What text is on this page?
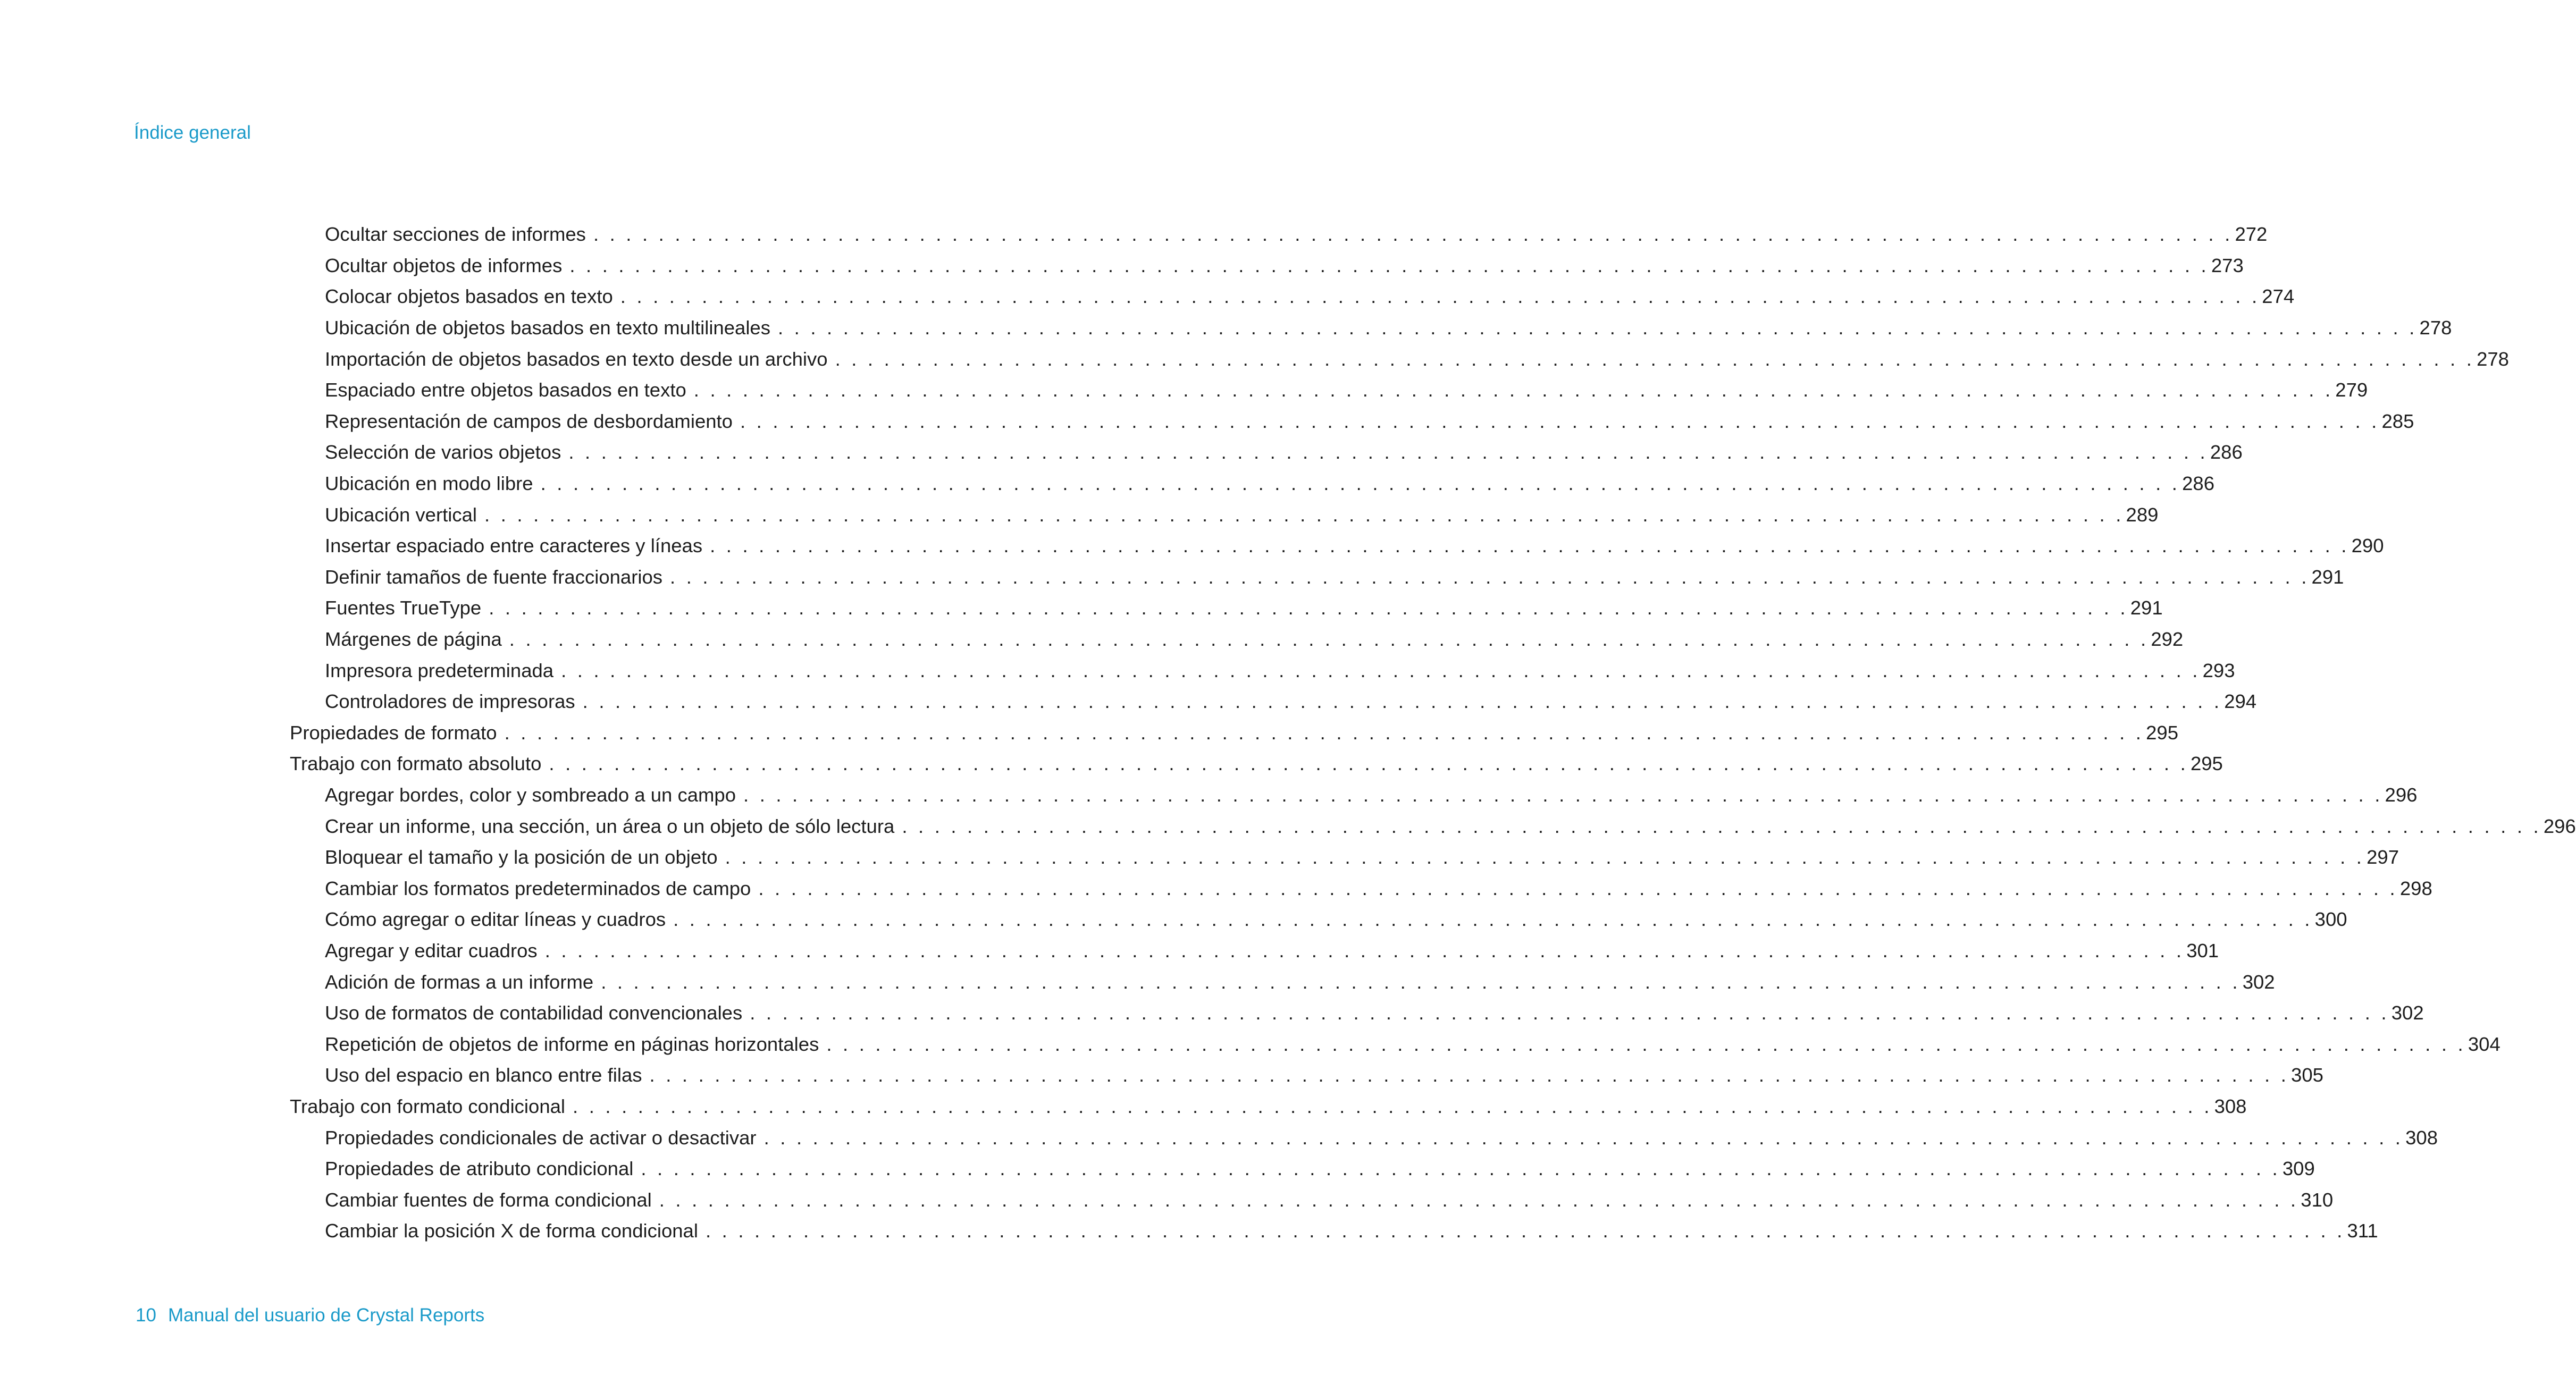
Índice general
Ocultar secciones de informes . . . . . . . . . . . . . . . . . . . . . . . . . . . . . . . . . . . . . . . . . . . . . . . . . . . . . . . . . . . . . . . . . . . . . . . . . . . . . . . . . . . . . . . . . . . . . . . . . . . . . 272
Ocultar objetos de informes . . . . . . . . . . . . . . . . . . . . . . . . . . . . . . . . . . . . . . . . . . . . . . . . . . . . . . . . . . . . . . . . . . . . . . . . . . . . . . . . . . . . . . . . . . . . . . . . . . . . . 273
Colocar objetos basados en texto . . . . . . . . . . . . . . . . . . . . . . . . . . . . . . . . . . . . . . . . . . . . . . . . . . . . . . . . . . . . . . . . . . . . . . . . . . . . . . . . . . . . . . . . . . . . . . . . . . . . . 274
Ubicación de objetos basados en texto multilineales . . . . . . . . . . . . . . . . . . . . . . . . . . . . . . . . . . . . . . . . . . . . . . . . . . . . . . . . . . . . . . . . . . . . . . . . . . . . . . . . . . . . . . . . . . . . . . . . . . . . . 278
Importación de objetos basados en texto desde un archivo . . . . . . . . . . . . . . . . . . . . . . . . . . . . . . . . . . . . . . . . . . . . . . . . . . . . . . . . . . . . . . . . . . . . . . . . . . . . . . . . . . . . . . . . . . . . . . . . . . . . . 278
Espaciado entre objetos basados en texto . . . . . . . . . . . . . . . . . . . . . . . . . . . . . . . . . . . . . . . . . . . . . . . . . . . . . . . . . . . . . . . . . . . . . . . . . . . . . . . . . . . . . . . . . . . . . . . . . . . . . 279
Representación de campos de desbordamiento . . . . . . . . . . . . . . . . . . . . . . . . . . . . . . . . . . . . . . . . . . . . . . . . . . . . . . . . . . . . . . . . . . . . . . . . . . . . . . . . . . . . . . . . . . . . . . . . . . . . . 285
Selección de varios objetos . . . . . . . . . . . . . . . . . . . . . . . . . . . . . . . . . . . . . . . . . . . . . . . . . . . . . . . . . . . . . . . . . . . . . . . . . . . . . . . . . . . . . . . . . . . . . . . . . . . . . 286
Ubicación en modo libre . . . . . . . . . . . . . . . . . . . . . . . . . . . . . . . . . . . . . . . . . . . . . . . . . . . . . . . . . . . . . . . . . . . . . . . . . . . . . . . . . . . . . . . . . . . . . . . . . . . . . 286
Ubicación vertical . . . . . . . . . . . . . . . . . . . . . . . . . . . . . . . . . . . . . . . . . . . . . . . . . . . . . . . . . . . . . . . . . . . . . . . . . . . . . . . . . . . . . . . . . . . . . . . . . . . . . 289
Insertar espaciado entre caracteres y líneas . . . . . . . . . . . . . . . . . . . . . . . . . . . . . . . . . . . . . . . . . . . . . . . . . . . . . . . . . . . . . . . . . . . . . . . . . . . . . . . . . . . . . . . . . . . . . . . . . . . . . 290
Definir tamaños de fuente fraccionarios . . . . . . . . . . . . . . . . . . . . . . . . . . . . . . . . . . . . . . . . . . . . . . . . . . . . . . . . . . . . . . . . . . . . . . . . . . . . . . . . . . . . . . . . . . . . . . . . . . . . . 291
Fuentes TrueType . . . . . . . . . . . . . . . . . . . . . . . . . . . . . . . . . . . . . . . . . . . . . . . . . . . . . . . . . . . . . . . . . . . . . . . . . . . . . . . . . . . . . . . . . . . . . . . . . . . . . 291
Márgenes de página . . . . . . . . . . . . . . . . . . . . . . . . . . . . . . . . . . . . . . . . . . . . . . . . . . . . . . . . . . . . . . . . . . . . . . . . . . . . . . . . . . . . . . . . . . . . . . . . . . . . . 292
Impresora predeterminada . . . . . . . . . . . . . . . . . . . . . . . . . . . . . . . . . . . . . . . . . . . . . . . . . . . . . . . . . . . . . . . . . . . . . . . . . . . . . . . . . . . . . . . . . . . . . . . . . . . . . 293
Controladores de impresoras . . . . . . . . . . . . . . . . . . . . . . . . . . . . . . . . . . . . . . . . . . . . . . . . . . . . . . . . . . . . . . . . . . . . . . . . . . . . . . . . . . . . . . . . . . . . . . . . . . . . . 294
Propiedades de formato . . . . . . . . . . . . . . . . . . . . . . . . . . . . . . . . . . . . . . . . . . . . . . . . . . . . . . . . . . . . . . . . . . . . . . . . . . . . . . . . . . . . . . . . . . . . . . . . . . . . . 295
Trabajo con formato absoluto . . . . . . . . . . . . . . . . . . . . . . . . . . . . . . . . . . . . . . . . . . . . . . . . . . . . . . . . . . . . . . . . . . . . . . . . . . . . . . . . . . . . . . . . . . . . . . . . . . . . . 295
Agregar bordes, color y sombreado a un campo . . . . . . . . . . . . . . . . . . . . . . . . . . . . . . . . . . . . . . . . . . . . . . . . . . . . . . . . . . . . . . . . . . . . . . . . . . . . . . . . . . . . . . . . . . . . . . . . . . . . . 296
Crear un informe, una sección, un área o un objeto de sólo lectura . . . . . . . . . . . . . . . . . . . . . . . . . . . . . . . . . . . . . . . . . . . . . . . . . . . . . . . . . . . . . . . . . . . . . . . . . . . . . . . . . . . . . . . . . . . . . . . . . . . . . 296
Bloquear el tamaño y la posición de un objeto . . . . . . . . . . . . . . . . . . . . . . . . . . . . . . . . . . . . . . . . . . . . . . . . . . . . . . . . . . . . . . . . . . . . . . . . . . . . . . . . . . . . . . . . . . . . . . . . . . . . . 297
Cambiar los formatos predeterminados de campo . . . . . . . . . . . . . . . . . . . . . . . . . . . . . . . . . . . . . . . . . . . . . . . . . . . . . . . . . . . . . . . . . . . . . . . . . . . . . . . . . . . . . . . . . . . . . . . . . . . . . 298
Cómo agregar o editar líneas y cuadros . . . . . . . . . . . . . . . . . . . . . . . . . . . . . . . . . . . . . . . . . . . . . . . . . . . . . . . . . . . . . . . . . . . . . . . . . . . . . . . . . . . . . . . . . . . . . . . . . . . . . 300
Agregar y editar cuadros . . . . . . . . . . . . . . . . . . . . . . . . . . . . . . . . . . . . . . . . . . . . . . . . . . . . . . . . . . . . . . . . . . . . . . . . . . . . . . . . . . . . . . . . . . . . . . . . . . . . . 301
Adición de formas a un informe . . . . . . . . . . . . . . . . . . . . . . . . . . . . . . . . . . . . . . . . . . . . . . . . . . . . . . . . . . . . . . . . . . . . . . . . . . . . . . . . . . . . . . . . . . . . . . . . . . . . . 302
Uso de formatos de contabilidad convencionales . . . . . . . . . . . . . . . . . . . . . . . . . . . . . . . . . . . . . . . . . . . . . . . . . . . . . . . . . . . . . . . . . . . . . . . . . . . . . . . . . . . . . . . . . . . . . . . . . . . . . 302
Repetición de objetos de informe en páginas horizontales . . . . . . . . . . . . . . . . . . . . . . . . . . . . . . . . . . . . . . . . . . . . . . . . . . . . . . . . . . . . . . . . . . . . . . . . . . . . . . . . . . . . . . . . . . . . . . . . . . . . . 304
Uso del espacio en blanco entre filas . . . . . . . . . . . . . . . . . . . . . . . . . . . . . . . . . . . . . . . . . . . . . . . . . . . . . . . . . . . . . . . . . . . . . . . . . . . . . . . . . . . . . . . . . . . . . . . . . . . . . 305
Trabajo con formato condicional . . . . . . . . . . . . . . . . . . . . . . . . . . . . . . . . . . . . . . . . . . . . . . . . . . . . . . . . . . . . . . . . . . . . . . . . . . . . . . . . . . . . . . . . . . . . . . . . . . . . . 308
Propiedades condicionales de activar o desactivar . . . . . . . . . . . . . . . . . . . . . . . . . . . . . . . . . . . . . . . . . . . . . . . . . . . . . . . . . . . . . . . . . . . . . . . . . . . . . . . . . . . . . . . . . . . . . . . . . . . . . 308
Propiedades de atributo condicional . . . . . . . . . . . . . . . . . . . . . . . . . . . . . . . . . . . . . . . . . . . . . . . . . . . . . . . . . . . . . . . . . . . . . . . . . . . . . . . . . . . . . . . . . . . . . . . . . . . . . 309
Cambiar fuentes de forma condicional . . . . . . . . . . . . . . . . . . . . . . . . . . . . . . . . . . . . . . . . . . . . . . . . . . . . . . . . . . . . . . . . . . . . . . . . . . . . . . . . . . . . . . . . . . . . . . . . . . . . . 310
Cambiar la posición X de forma condicional . . . . . . . . . . . . . . . . . . . . . . . . . . . . . . . . . . . . . . . . . . . . . . . . . . . . . . . . . . . . . . . . . . . . . . . . . . . . . . . . . . . . . . . . . . . . . . . . . . . . . 311
10 Manual del usuario de Crystal Reports
